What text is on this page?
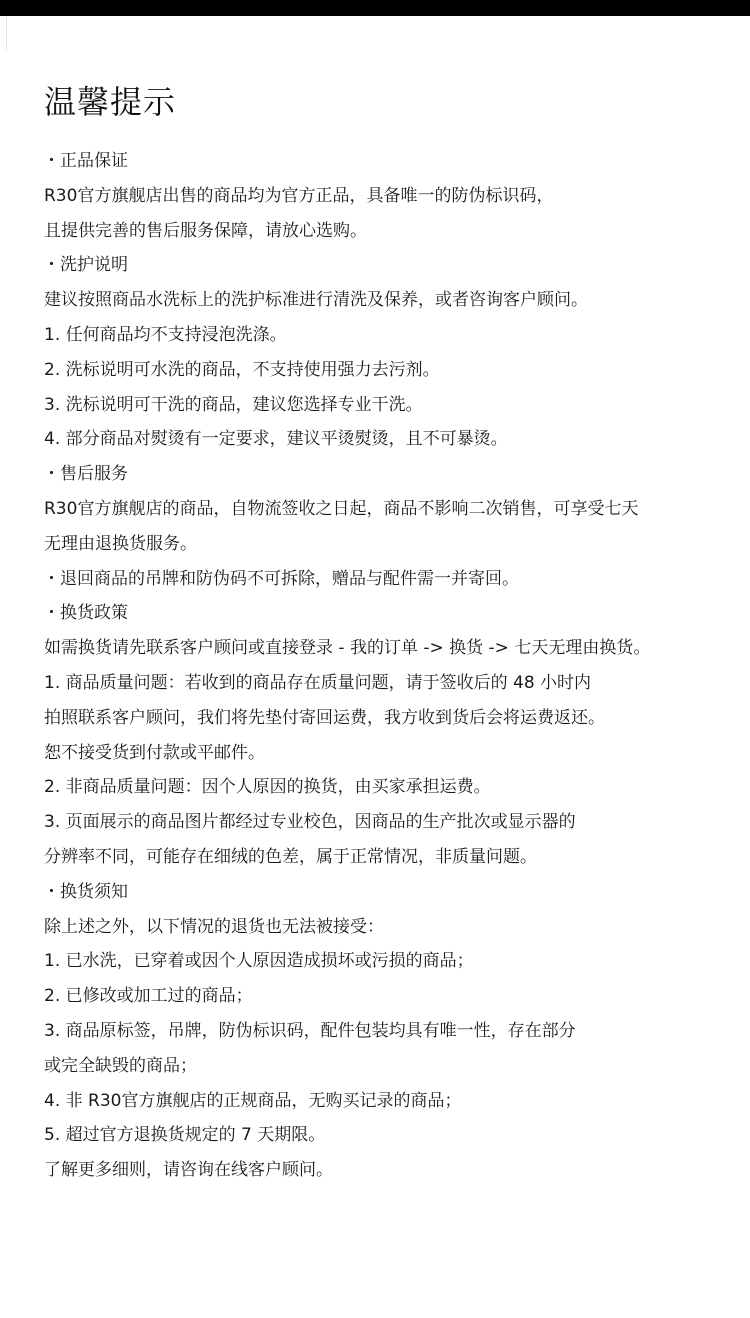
温馨提示
・正品保证
R30官方旗舰店出售的商品均为官方正品，具备唯一的防伪标识码，
且提供完善的售后服务保障，请放心选购。
・洗护说明
建议按照商品水洗标上的洗护标准进行清洗及保养，或者咨询客户顾问。
1. 任何商品均不支持浸泡洗涤。
2. 洗标说明可水洗的商品，不支持使用强力去污剂。
3. 洗标说明可干洗的商品，建议您选择专业干洗。
4. 部分商品对熨烫有一定要求，建议平烫熨烫，且不可暴烫。
・售后服务
R30官方旗舰店的商品，自物流签收之日起，商品不影响二次销售，可享受七天
无理由退换货服务。
・退回商品的吊牌和防伪码不可拆除，赠品与配件需一并寄回。
・换货政策
如需换货请先联系客户顾问或直接登录 - 我的订单 -> 换货 -> 七天无理由换货。
1. 商品质量问题：若收到的商品存在质量问题，请于签收后的 48 小时内
拍照联系客户顾问，我们将先垫付寄回运费，我方收到货后会将运费返还。
恕不接受货到付款或平邮件。
2. 非商品质量问题：因个人原因的换货，由买家承担运费。
3. 页面展示的商品图片都经过专业校色，因商品的生产批次或显示器的
分辨率不同，可能存在细绒的色差，属于正常情况，非质量问题。
・换货须知
除上述之外，以下情况的退货也无法被接受：
1. 已水洗，已穿着或因个人原因造成损坏或污损的商品；
2. 已修改或加工过的商品；
3. 商品原标签，吊牌，防伪标识码，配件包装均具有唯一性，存在部分
或完全缺毁的商品；
4. 非 R30官方旗舰店的正规商品，无购买记录的商品；
5. 超过官方退换货规定的 7 天期限。
了解更多细则，请咨询在线客户顾问。
